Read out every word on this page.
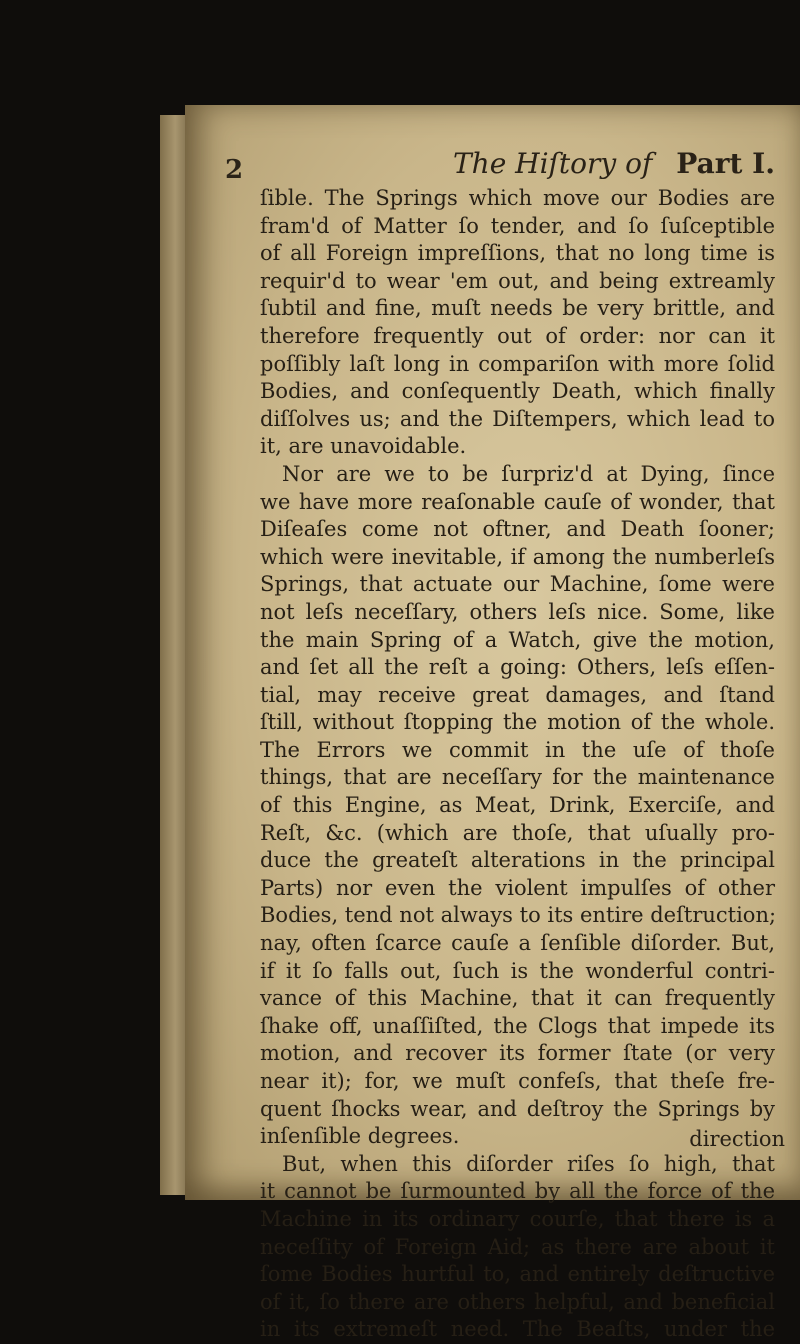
2	The Hiſtory of Part I.
ſible. The Springs which move our Bodies are
fram'd of Matter ſo tender, and ſo ſuſceptible
of all Foreign impreſſions, that no long time is
requir'd to wear 'em out, and being extreamly
ſubtil and fine, muſt needs be very brittle, and
therefore frequently out of order: nor can it
poſſibly laſt long in compariſon with more ſolid
Bodies, and conſequently Death, which finally
diſſolves us; and the Diſtempers, which lead to
it, are unavoidable.
Nor are we to be ſurpriz'd at Dying, ſince
we have more reaſonable cauſe of wonder, that
Diſeaſes come not oftner, and Death ſooner;
which were inevitable, if among the numberleſs
Springs, that actuate our Machine, ſome were
not leſs neceſſary, others leſs nice. Some, like
the main Spring of a Watch, give the motion,
and ſet all the reſt a going: Others, leſs eſſen-
tial, may receive great damages, and ſtand
ſtill, without ſtopping the motion of the whole.
The Errors we commit in the uſe of thoſe
things, that are neceſſary for the maintenance
of this Engine, as Meat, Drink, Exerciſe, and
Reſt, &c. (which are thoſe, that uſually pro-
duce the greateſt alterations in the principal
Parts) nor even the violent impulſes of other
Bodies, tend not always to its entire deſtruction;
nay, often ſcarce cauſe a ſenſible diſorder. But,
if it ſo falls out, ſuch is the wonderful contri-
vance of this Machine, that it can frequently
ſhake off, unaſſiſted, the Clogs that impede its
motion, and recover its former ſtate (or very
near it); for, we muſt confeſs, that theſe fre-
quent ſhocks wear, and deſtroy the Springs by
inſenſible degrees.
But, when this diſorder riſes ſo high, that
it cannot be ſurmounted by all the force of the
Machine in its ordinary courſe, that there is a
neceſſity of Foreign Aid; as there are about it
ſome Bodies hurtful to, and entirely deſtructive
of it, ſo there are others helpful, and beneficial
in its extremeſt need. The Beaſts, under the
direction
